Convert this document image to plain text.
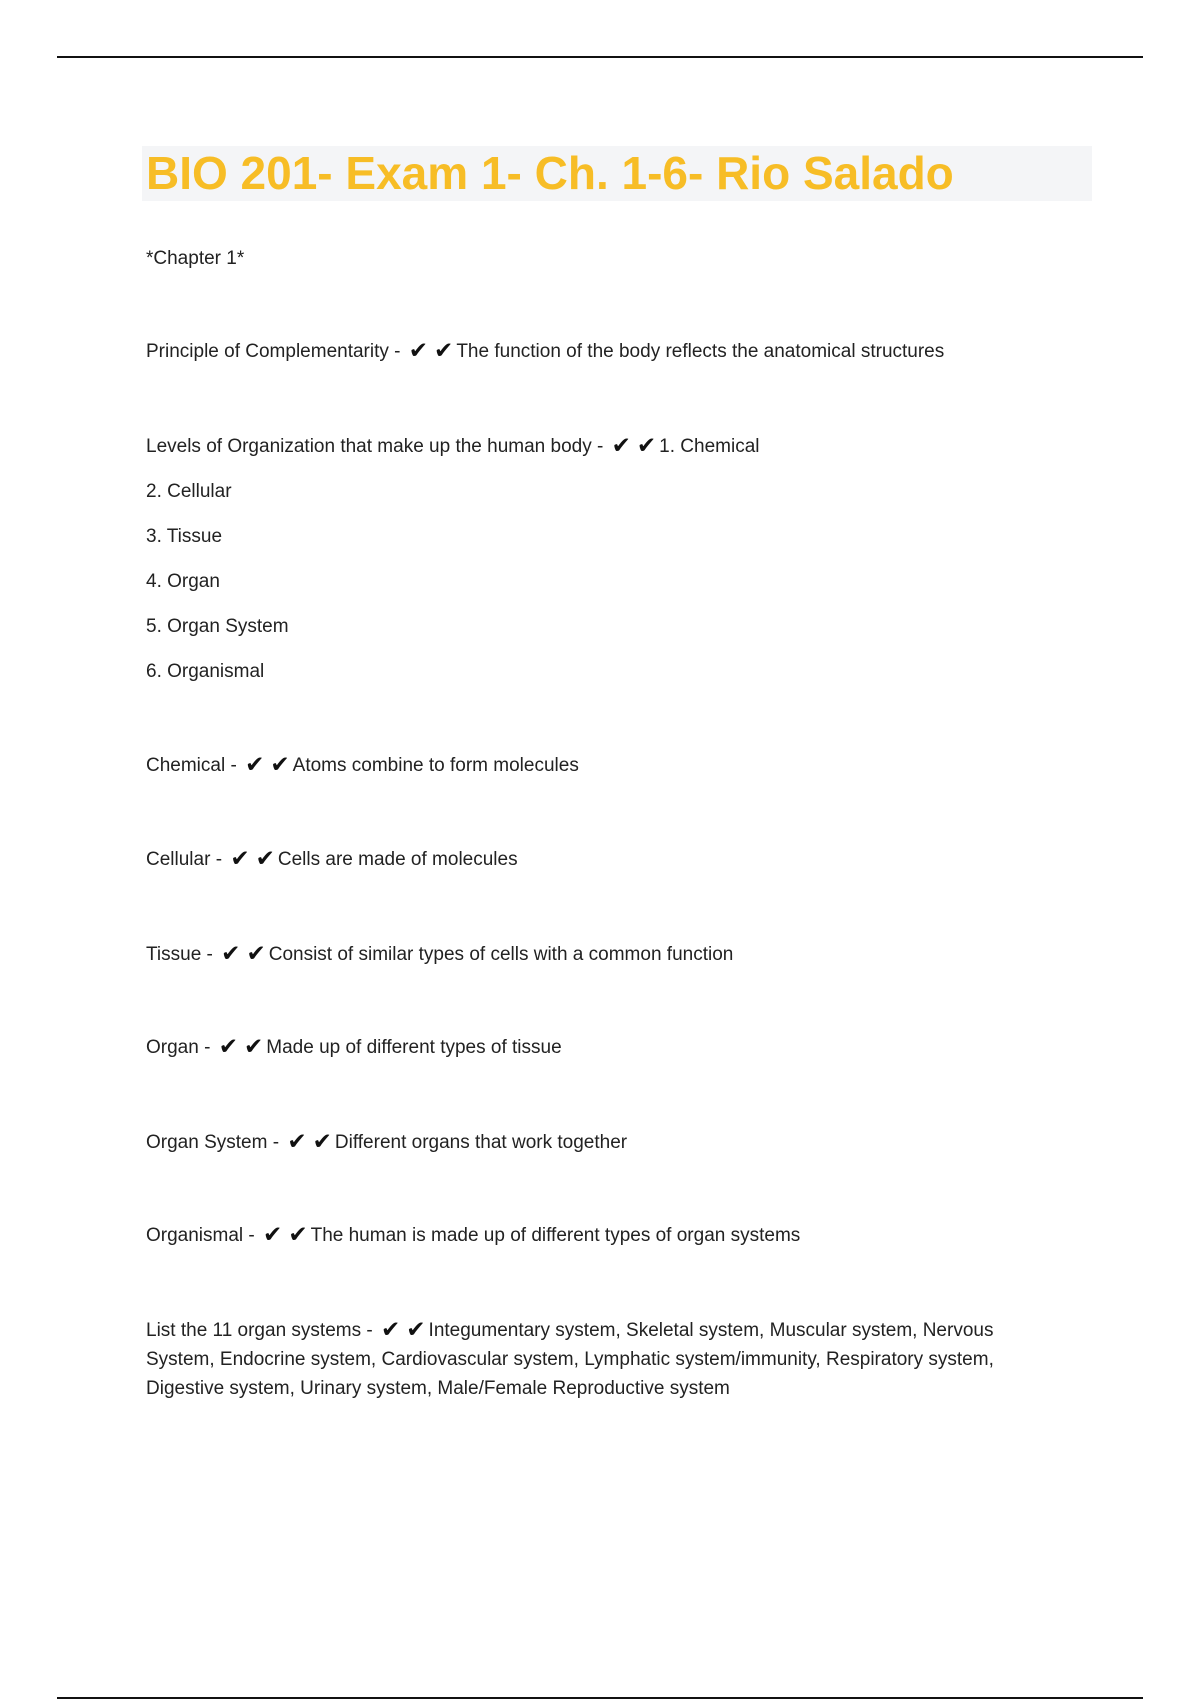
BIO 201- Exam 1- Ch. 1-6- Rio Salado
*Chapter 1*
Principle of Complementarity - ✔ ✔ The function of the body reflects the anatomical structures
Levels of Organization that make up the human body - ✔ ✔ 1. Chemical
2. Cellular
3. Tissue
4. Organ
5. Organ System
6. Organismal
Chemical - ✔ ✔ Atoms combine to form molecules
Cellular - ✔ ✔ Cells are made of molecules
Tissue - ✔ ✔ Consist of similar types of cells with a common function
Organ - ✔ ✔ Made up of different types of tissue
Organ System - ✔ ✔ Different organs that work together
Organismal - ✔ ✔ The human is made up of different types of organ systems
List the 11 organ systems - ✔ ✔ Integumentary system, Skeletal system, Muscular system, Nervous System, Endocrine system, Cardiovascular system, Lymphatic system/immunity, Respiratory system, Digestive system, Urinary system, Male/Female Reproductive system
